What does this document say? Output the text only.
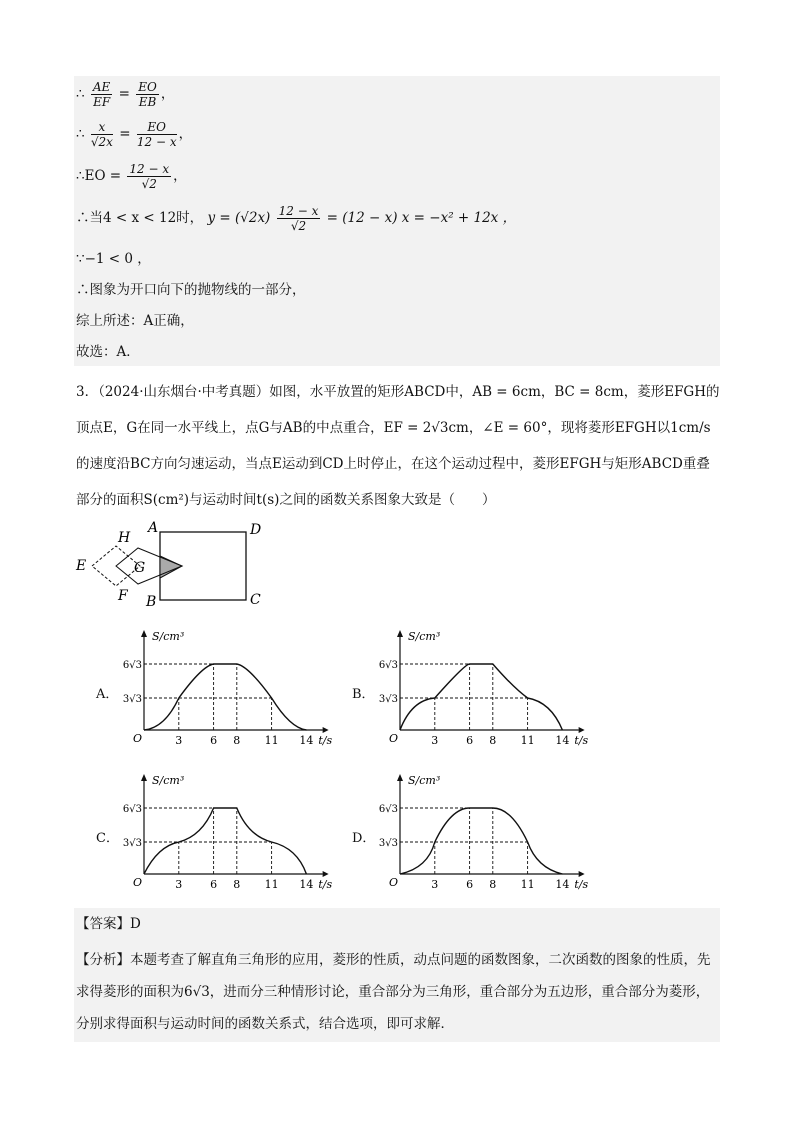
∴ $\frac{AE}{EF} = \frac{EO}{EB}$ ，
∴ $\frac{x}{√2x} = \frac{EO}{12 - x}$ ，
∴EO = $\frac{12 - x}{√2}$ ，
∴当4 < x < 12时， $y = (√2x) \frac{12 - x}{√2} = (12 - x) x = -x^2 + 12x$ ，
∵−1 < 0 ，
∴图象为开口向下的抛物线的一部分，
综上所述：A正确，
故选：A．
3．（2024·山东烟台·中考真题）如图，水平放置的矩形ABCD中，AB = 6cm，BC = 8cm，菱形EFGH的顶点E，G在同一水平线上，点G与AB的中点重合，EF = 2√3cm，∠E = 60°，现将菱形EFGH以1cm/s的速度沿BC方向匀速运动，当点E运动到CD上时停止，在这个运动过程中，菱形EFGH与矩形ABCD重叠部分的面积S(cm²)与运动时间t(s)之间的函数关系图象大致是（　　）
A	D
C
B
E
H
F
G
A．	B．
C．	D．
S/cm³
t/s
O
6√3
3√3
3	6 8 11 14
S/cm³
t/s
O
6√3
3√3
3	6 8 11 14
S/cm³
t/s
O
6√3
3√3
3	6 8 11 14
S/cm³
t/s
O
6√3
3√3
3	6 8 11 14
【答案】D
【分析】本题考查了解直角三角形的应用，菱形的性质，动点问题的函数图象，二次函数的图象的性质，先求得菱形的面积为6√3，进而分三种情形讨论，重合部分为三角形，重合部分为五边形，重合部分为菱形，分别求得面积与运动时间的函数关系式，结合选项，即可求解．
